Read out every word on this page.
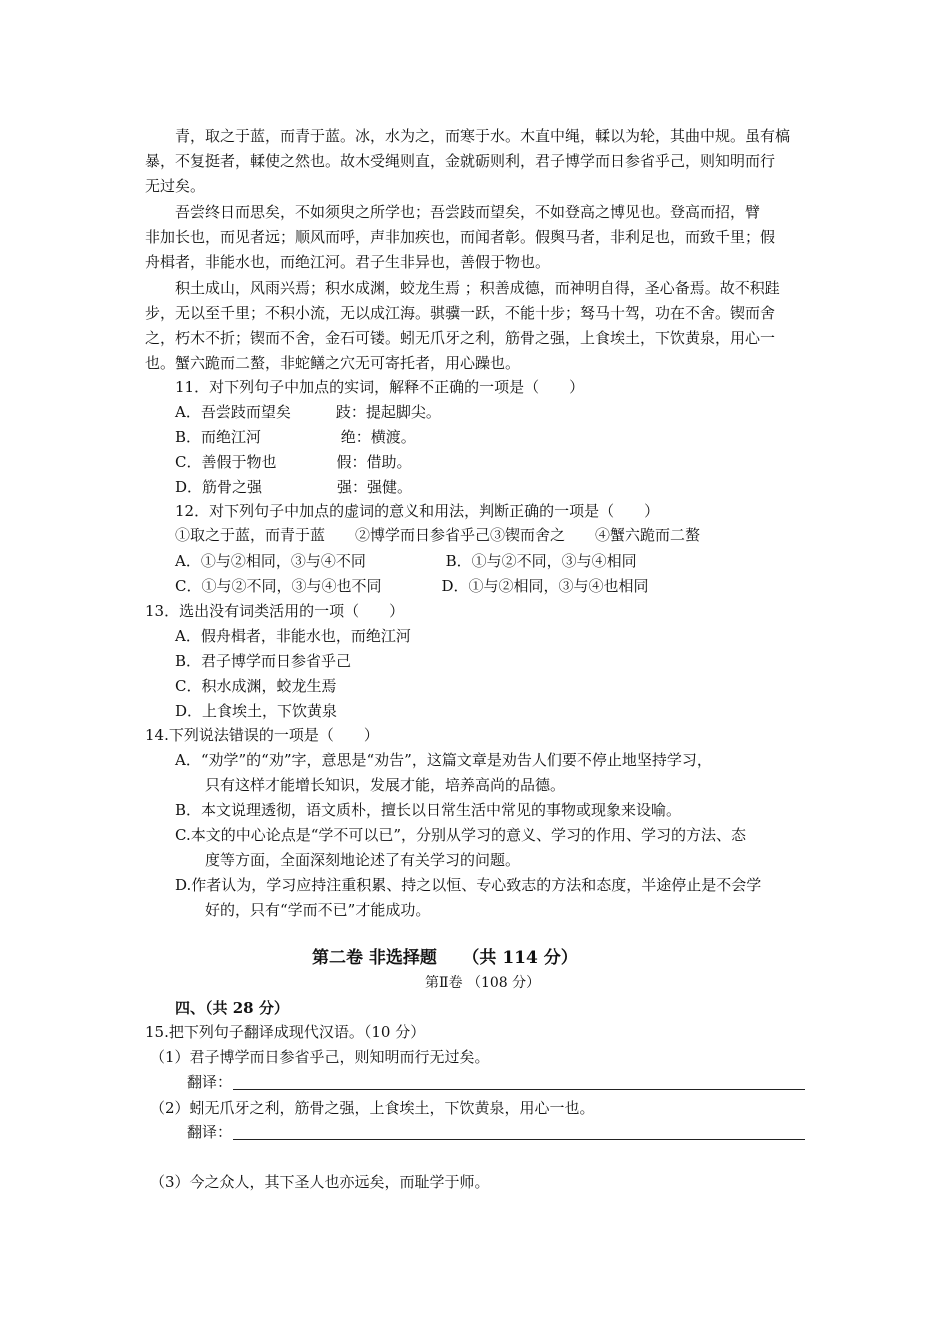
青，取之于蓝，而青于蓝。冰，水为之，而寒于水。木直中绳，輮以为轮，其曲中规。虽有槁
暴，不复挺者，輮使之然也。故木受绳则直，金就砺则利，君子博学而日参省乎己，则知明而行
无过矣。
吾尝终日而思矣，不如须臾之所学也；吾尝跂而望矣，不如登高之博见也。登高而招，臂
非加长也，而见者远；顺风而呼，声非加疾也，而闻者彰。假舆马者，非利足也，而致千里；假
舟楫者，非能水也，而绝江河。君子生非异也，善假于物也。
积土成山，风雨兴焉；积水成渊，蛟龙生焉 ；积善成德，而神明自得，圣心备焉。故不积跬
步，无以至千里；不积小流，无以成江海。骐骥一跃，不能十步；驽马十驾，功在不舍。锲而舍
之，朽木不折；锲而不舍，金石可镂。蚓无爪牙之利，筋骨之强，上食埃土，下饮黄泉，用心一
也。蟹六跪而二螯，非蛇鳝之穴无可寄托者，用心躁也。
11．对下列句子中加点的实词，解释不正确的一项是（　　）
A．吾尝跂而望矣　　　跂：提起脚尖。
B．而绝江河　　　　　 绝：横渡。
C．善假于物也　　　　假：借助。
D．筋骨之强　　　　　强：强健。
12．对下列句子中加点的虚词的意义和用法，判断正确的一项是（　　）
①取之于蓝，而青于蓝　　②博学而日参省乎己③锲而舍之　　④蟹六跪而二螯
A．①与②相同，③与④不同　　　　　 B．①与②不同，③与④相同
C．①与②不同，③与④也不同　　　　D．①与②相同，③与④也相同
13．选出没有词类活用的一项（　　）
A．假舟楫者，非能水也，而绝江河
B．君子博学而日参省乎己
C．积水成渊，蛟龙生焉
D．上食埃土，下饮黄泉
14.下列说法错误的一项是（　　）
A．“劝学”的“劝”字，意思是“劝告”，这篇文章是劝告人们要不停止地坚持学习，
只有这样才能增长知识，发展才能，培养高尚的品德。
B．本文说理透彻，语文质朴，擅长以日常生活中常见的事物或现象来设喻。
C.本文的中心论点是“学不可以已”，分别从学习的意义、学习的作用、学习的方法、态
度等方面，全面深刻地论述了有关学习的问题。
D.作者认为，学习应持注重积累、持之以恒、专心致志的方法和态度，半途停止是不会学
好的，只有“学而不已”才能成功。
第二卷 非选择题　　（共 114 分）
第Ⅱ卷 （108 分）
四、（共 28 分）
15.把下列句子翻译成现代汉语。（10 分）
（1）君子博学而日参省乎己，则知明而行无过矣。
翻译：
（2）蚓无爪牙之利，筋骨之强，上食埃土，下饮黄泉，用心一也。
翻译：
（3）今之众人，其下圣人也亦远矣，而耻学于师。
